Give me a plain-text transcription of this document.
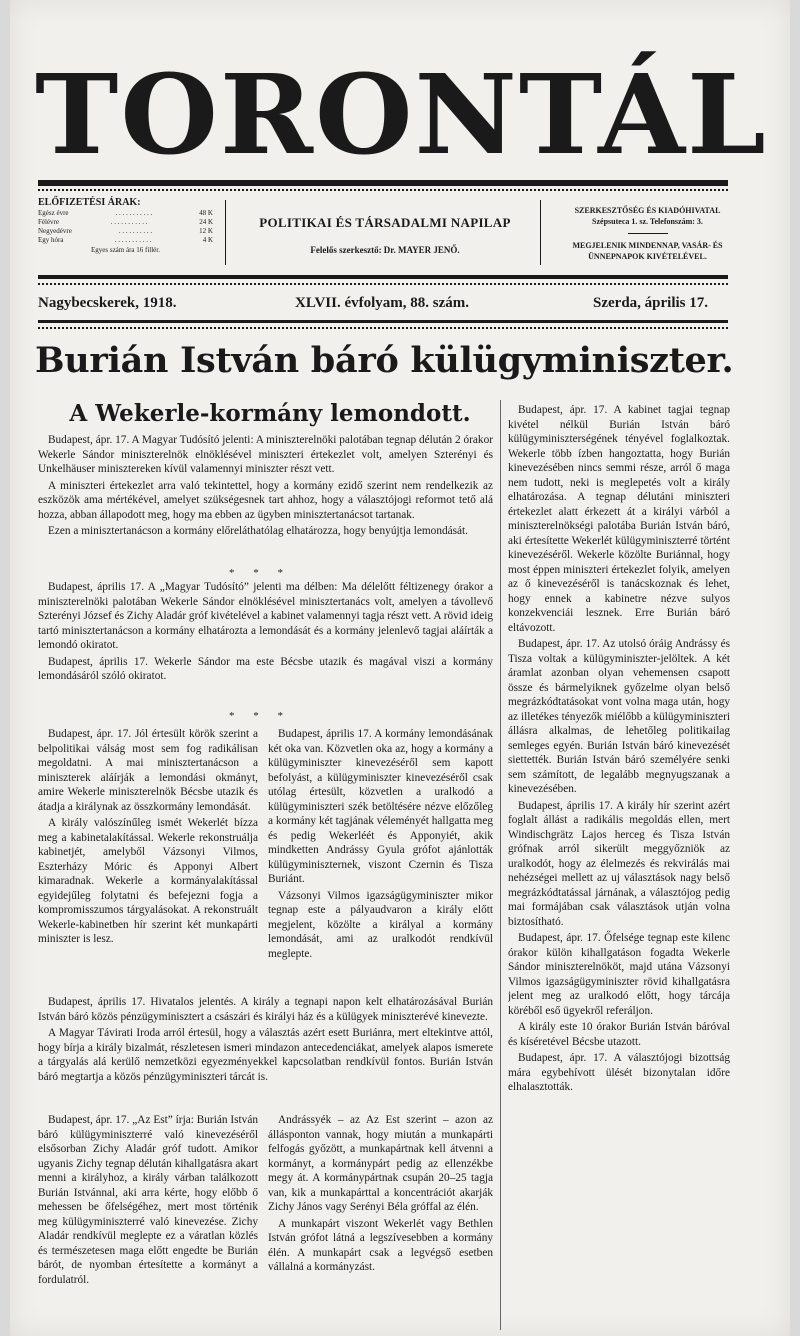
TORONTÁL
ELŐFIZETÉSI ÁRAK:
Egész évre	. . . . . . . . . . .	48 K
Félévre	. . . . . . . . . . .	24 K
Negyedévre	. . . . . . . . . .	12 K
Egy hóra	. . . . . . . . . . .	4 K
Egyes szám ára 16 fillér.
POLITIKAI ÉS TÁRSADALMI NAPILAP
Felelős szerkesztő: Dr. MAYER JENŐ.
SZERKESZTŐSÉG ÉS KIADÓHIVATAL
Szépsuteca 1. sz. Telefonszám: 3.
MEGJELENIK MINDENNAP, VASÁR- ÉS ÜNNEPNAPOK KIVÉTELÉVEL.
Nagybecskerek, 1918.	XLVII. évfolyam, 88. szám.	Szerda, április 17.
Burián István báró külügyminiszter.
A Wekerle-kormány lemondott.

Budapest, ápr. 17. A Magyar Tudósító jelenti: A miniszterelnöki palotában tegnap délután 2 órakor Wekerle Sándor miniszterelnök elnöklésével miniszteri értekezlet volt, amelyen Szterényi és Unkelhäuser minisztereken kívül valamennyi miniszter részt vett.

A miniszteri értekezlet arra való tekintettel, hogy a kormány ezidő szerint nem rendelkezik az eszközök ama mértékével, amelyet szükségesnek tart ahhoz, hogy a választójogi reformot tető alá hozza, abban állapodott meg, hogy ma ebben az ügyben minisztertanácsot tartanak.

Ezen a minisztertanácson a kormány előreláthatólag elhatározza, hogy benyújtja lemondását.

* * *

Budapest, április 17. A „Magyar Tudósító” jelenti ma délben: Ma délelőtt féltizenegy órakor a miniszterelnöki palotában Wekerle Sándor elnöklésével minisztertanács volt, amelyen a távollevő Szterényi József és Zichy Aladár gróf kivételével a kabinet valamennyi tagja részt vett. A rövid ideig tartó minisztertanácson a kormány elhatározta a lemondását és a kormány jelenlevő tagjai aláírták a lemondó okiratot.

Budapest, április 17. Wekerle Sándor ma este Bécsbe utazik és magával viszi a kormány lemondásáról szóló okiratot.

* * *

Budapest, ápr. 17. Jól értesült körök szerint a belpolitikai válság most sem fog radikálisan megoldatni. A mai minisztertanácson a miniszterek aláírják a lemondási okmányt, amire Wekerle miniszterelnök Bécsbe utazik és átadja a királynak az összkormány lemondását.

A király valószínűleg ismét Wekerlét bízza meg a kabinetalakítással. Wekerle rekonstruálja kabinetjét, amelyből Vázsonyi Vilmos, Eszterházy Móric és Apponyi Albert kimaradnak. Wekerle a kormányalakítással egyidejűleg folytatni és befejezni fogja a kompromisszumos tárgyalásokat. A rekonstruált Wekerle-kabinetben hír szerint két munkapárti miniszter is lesz.

Budapest, április 17. A kormány lemondásának két oka van. Közvetlen oka az, hogy a kormány a külügyminiszter kinevezéséről sem kapott befolyást, a külügyminiszter kinevezéséről csak utólag értesült, közvetlen a uralkodó a külügyminiszteri szék betöltésére nézve előzőleg a kormány két tagjának véleményét hallgatta meg és pedig Wekerléét és Apponyiét, akik mindketten Andrássy Gyula grófot ajánlották külügyminiszternek, viszont Czernin és Tisza Buriánt.

Vázsonyi Vilmos igazságügyminiszter mikor tegnap este a pályaudvaron a király előtt megjelent, közölte a királyal a kormány lemondását, ami az uralkodót rendkívül meglepte.

Budapest, április 17. Hivatalos jelentés. A király a tegnapi napon kelt elhatározásával Burián István báró közös pénzügyminisztert a császári és királyi ház és a külügyek miniszterévé kinevezte.

A Magyar Távirati Iroda arról értesül, hogy a választás azért esett Buriánra, mert eltekintve attól, hogy bírja a király bizalmát, részletesen ismeri mindazon antecedenciákat, amelyek alapos ismerete a tárgyalás alá kerülő nemzetközi egyezményekkel kapcsolatban rendkívül fontos. Burián István báró megtartja a közös pénzügyminiszteri tárcát is.

Budapest, ápr. 17. „Az Est” írja: Burián István báró külügyminiszterré való kinevezéséről elsősorban Zichy Aladár gróf tudott. Amikor ugyanis Zichy tegnap délután kihallgatásra akart menni a királyhoz, a király várban találkozott Burián Istvánnal, aki arra kérte, hogy előbb ő mehessen be őfelségéhez, mert most történik meg külügyminiszterré való kinevezése. Zichy Aladár rendkívül meglepte ez a váratlan közlés és természetesen maga előtt engedte be Burián bárót, de nyomban értesítette a kormányt a fordulatról.

Andrássyék – az Az Est szerint – azon az állásponton vannak, hogy miután a munkapárti felfogás győzött, a munkapártnak kell átvenni a kormányt, a kormánypárt pedig az ellenzékbe megy át. A kormánypártnak csupán 20–25 tagja van, kik a munkapárttal a koncentrációt akarják Zichy János vagy Serényi Béla gróffal az élén.

A munkapárt viszont Wekerlét vagy Bethlen István grófot látná a legszívesebben a kormány élén. A munkapárt csak a legvégső esetben vállalná a kormányzást.

Budapest, ápr. 17. A kabinet tagjai tegnap kivétel nélkül Burián István báró külügyminiszterségének tényével foglalkoztak. Wekerle több ízben hangoztatta, hogy Burián kinevezésében nincs semmi része, arról ő maga nem tudott, neki is meglepetés volt a király elhatározása. A tegnap délutáni miniszteri értekezlet alatt érkezett át a királyi várból a miniszterelnökségi palotába Burián István báró, aki értesítette Wekerlét külügyminiszterré történt kinevezéséről. Wekerle közölte Buriánnal, hogy most éppen miniszteri értekezlet folyik, amelyen az ő kinevezéséről is tanácskoznak és lehet, hogy ennek a kabinetre nézve sulyos konzekvenciái lesznek. Erre Burián báró eltávozott.

Budapest, ápr. 17. Az utolsó óráig Andrássy és Tisza voltak a külügyminiszter-jelöltek. A két áramlat azonban olyan vehemensen csapott össze és bármelyiknek győzelme olyan belső megrázkódtatásokat vont volna maga után, hogy az illetékes tényezők miélőbb a külügyminiszteri állásra alkalmas, de lehetőleg politikailag semleges egyén. Burián István báró kinevezését siettették. Burián István báró személyére senki sem számított, de legalább megnyugszanak a kinevezésében.

Budapest, április 17. A király hír szerint azért foglalt állást a radikális megoldás ellen, mert Windischgrätz Lajos herceg és Tisza István grófnak arról sikerült meggyőzniök az uralkodót, hogy az élelmezés és rekvirálás mai nehézségei mellett az uj választások nagy belső megrázkódtatással járnának, a választójog pedig mai formájában csak választások utján volna biztosítható.

Budapest, ápr. 17. Őfelsége tegnap este kilenc órakor külön kihallgatáson fogadta Wekerle Sándor miniszterelnököt, majd utána Vázsonyi Vilmos igazságügyminiszter rövid kihallgatásra jelent meg az uralkodó előtt, hogy tárcája köréből eső ügyekről referáljon.

A király este 10 órakor Burián István báróval és kíséretével Bécsbe utazott.

Budapest, ápr. 17. A választójogi bizottság mára egybehívott ülését bizonytalan időre elhalasztották.
